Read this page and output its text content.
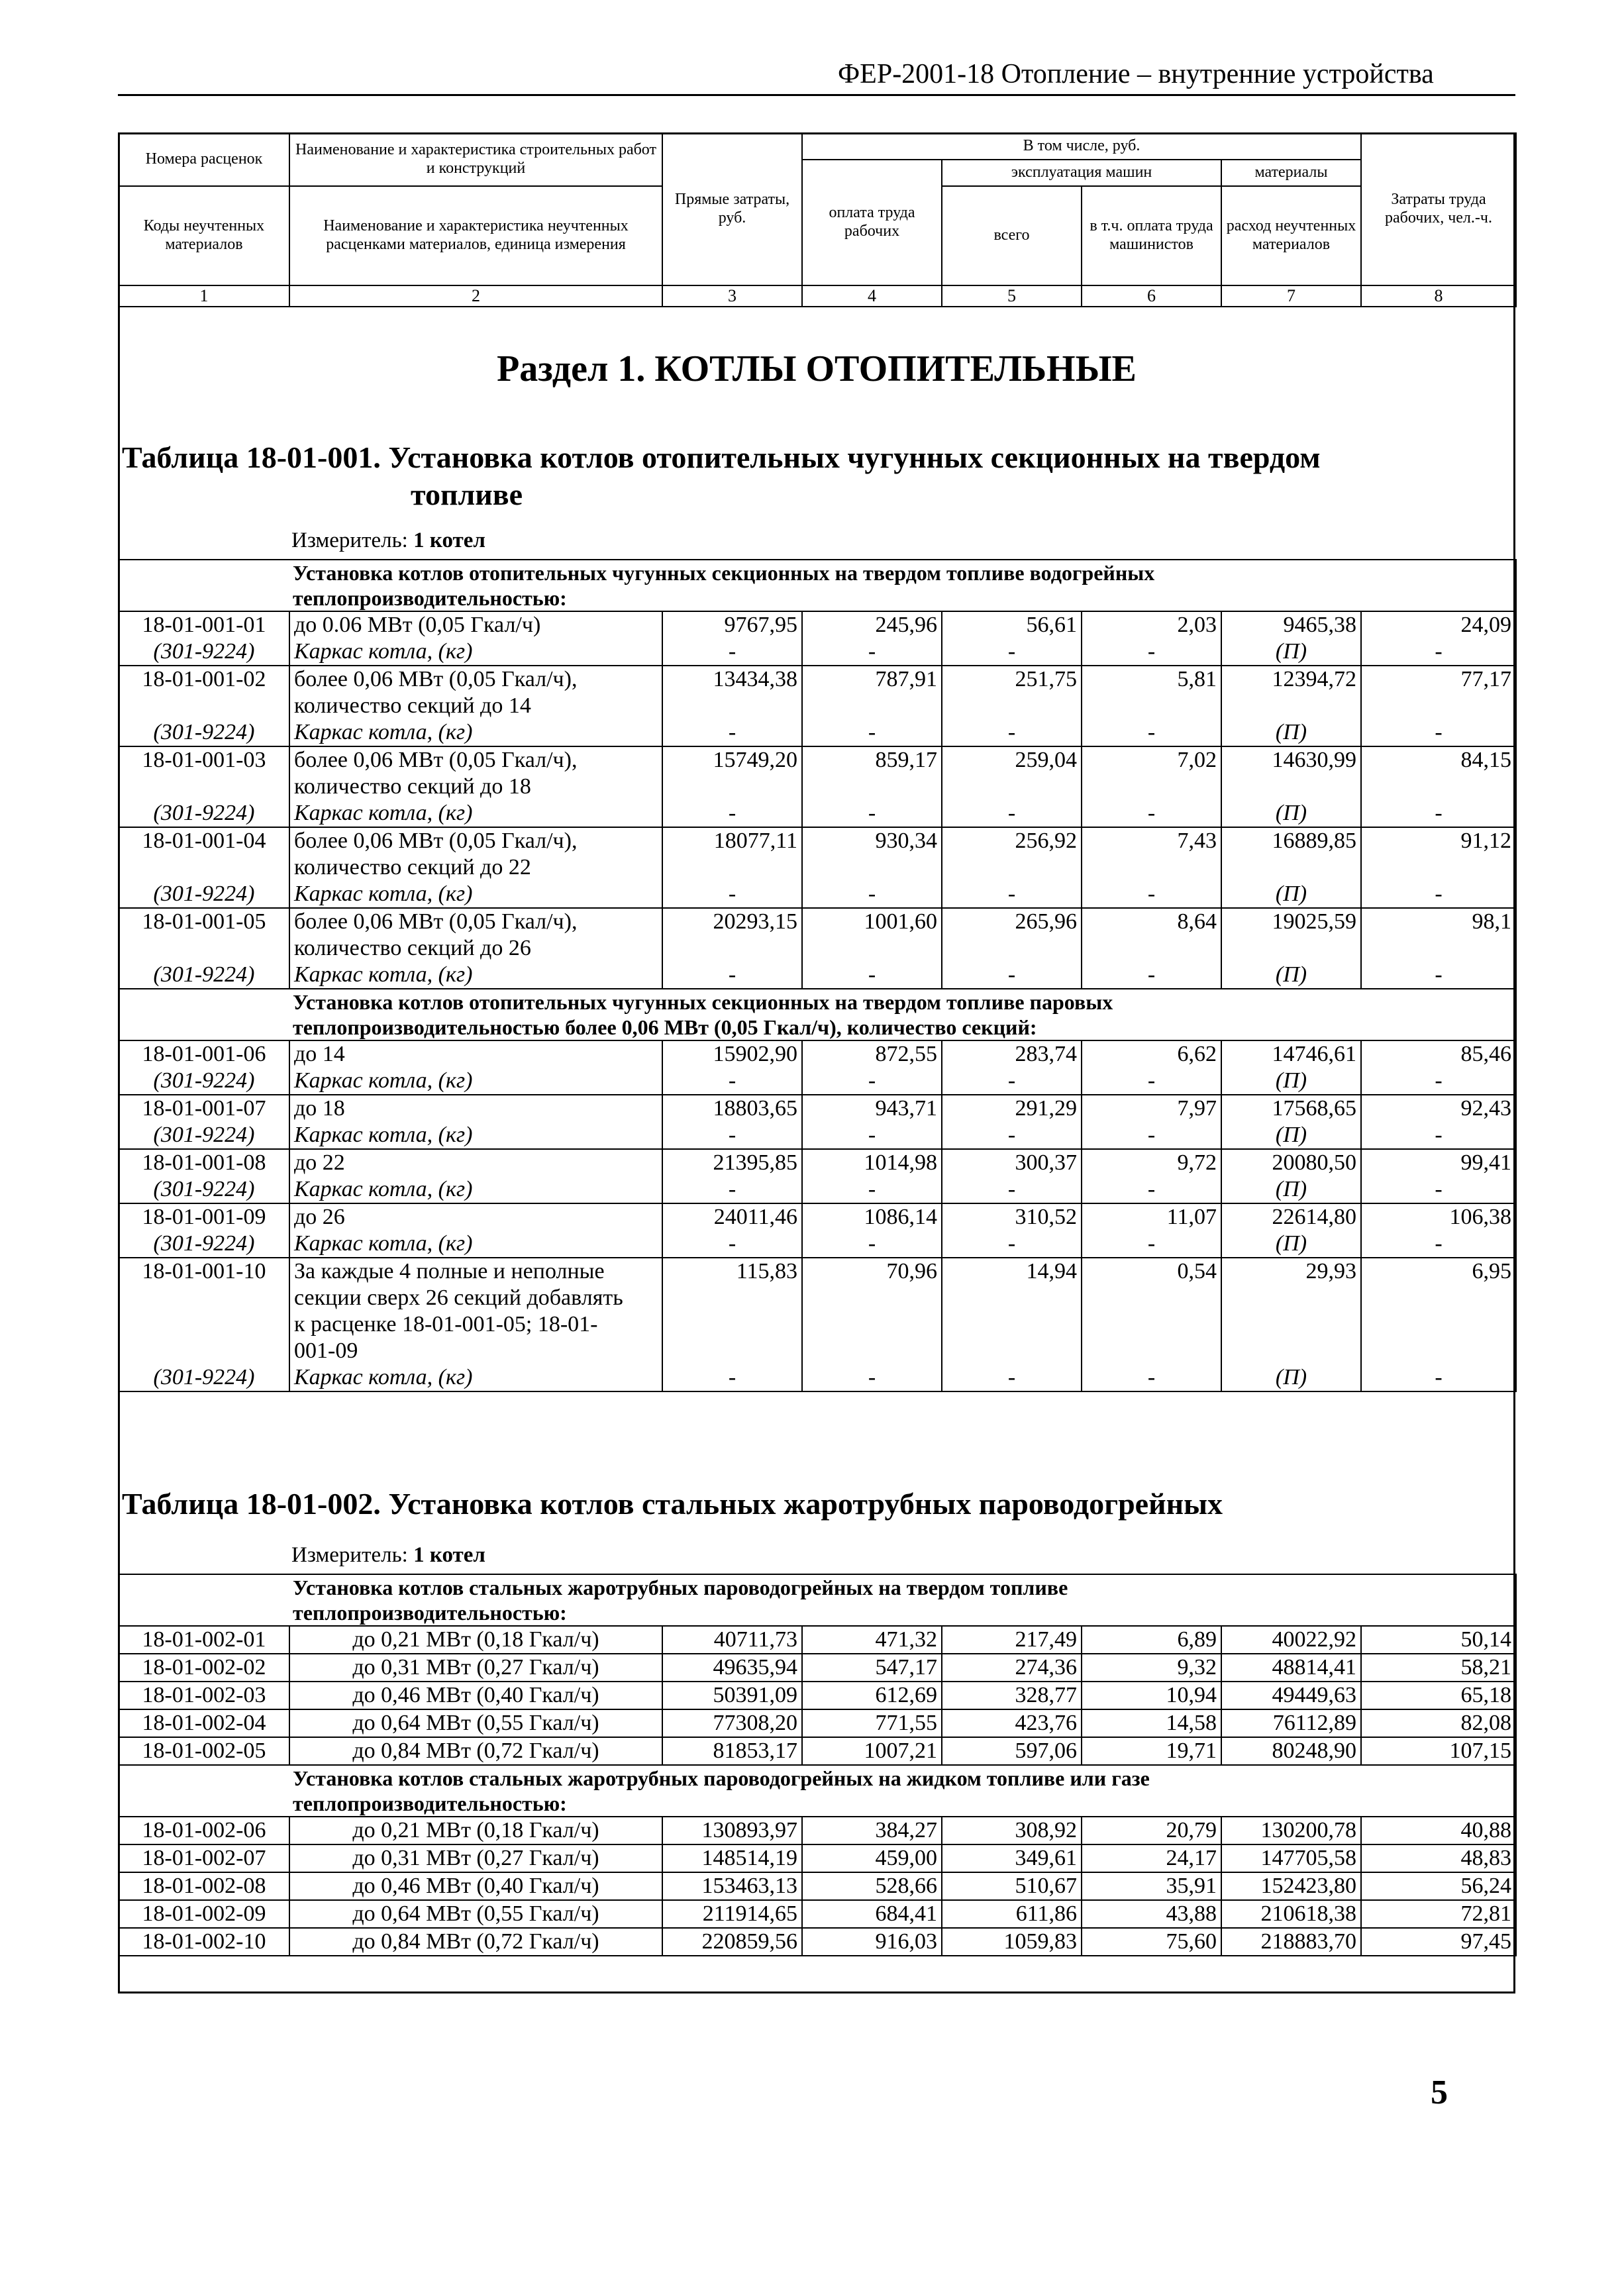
ФЕР-2001-18 Отопление – внутренние устройства
Номера расценок	Наименование и характеристика строительных работ и конструкций	Прямые затраты, руб.	В том числе, руб.				Затраты труда рабочих, чел.-ч.
			оплата труда рабочих	эксплуатация машин		материалы	
Коды неучтенных материалов	Наименование и характеристика неучтенных расценками материалов, единица измерения			всего	в т.ч. оплата труда машинистов	расход неучтенных материалов	

1	2	3	4	5	6	7	8
Раздел 1. КОТЛЫ ОТОПИТЕЛЬНЫЕ
Таблица 18-01-001. Установка котлов отопительных чугунных секционных на твердом
топливе
Измеритель: 1 котел
Установка котлов отопительных чугунных секционных на твердом топливе водогрейных
теплопроизводительностью:							

18-01-001-01	до 0.06 МВт (0,05 Гкал/ч)	9767,95	245,96	56,61	2,03	9465,38	24,09
(301-9224)	Каркас котла, (кг)	-	-	-	-	(П)	-
18-01-001-02	более 0,06 МВт (0,05 Гкал/ч),	13434,38	787,91	251,75	5,81	12394,72	77,17
	количество секций до 14						
(301-9224)	Каркас котла, (кг)	-	-	-	-	(П)	-
18-01-001-03	более 0,06 МВт (0,05 Гкал/ч),	15749,20	859,17	259,04	7,02	14630,99	84,15
	количество секций до 18						
(301-9224)	Каркас котла, (кг)	-	-	-	-	(П)	-
18-01-001-04	более 0,06 МВт (0,05 Гкал/ч),	18077,11	930,34	256,92	7,43	16889,85	91,12
	количество секций до 22						
(301-9224)	Каркас котла, (кг)	-	-	-	-	(П)	-
18-01-001-05	более 0,06 МВт (0,05 Гкал/ч),	20293,15	1001,60	265,96	8,64	19025,59	98,1
	количество секций до 26						
(301-9224)	Каркас котла, (кг)	-	-	-	-	(П)	-

Установка котлов отопительных чугунных секционных на твердом топливе паровых
теплопроизводительностью более 0,06 МВт (0,05 Гкал/ч), количество секций:							

18-01-001-06	до 14	15902,90	872,55	283,74	6,62	14746,61	85,46
(301-9224)	Каркас котла, (кг)	-	-	-	-	(П)	-
18-01-001-07	до 18	18803,65	943,71	291,29	7,97	17568,65	92,43
(301-9224)	Каркас котла, (кг)	-	-	-	-	(П)	-
18-01-001-08	до 22	21395,85	1014,98	300,37	9,72	20080,50	99,41
(301-9224)	Каркас котла, (кг)	-	-	-	-	(П)	-
18-01-001-09	до 26	24011,46	1086,14	310,52	11,07	22614,80	106,38
(301-9224)	Каркас котла, (кг)	-	-	-	-	(П)	-
18-01-001-10	За каждые 4 полные и неполные	115,83	70,96	14,94	0,54	29,93	6,95
	секции сверх 26 секций добавлять						
	к расценке 18-01-001-05; 18-01-						
	001-09						
(301-9224)	Каркас котла, (кг)	-	-	-	-	(П)	-
Таблица 18-01-002. Установка котлов стальных жаротрубных пароводогрейных
Измеритель: 1 котел
Установка котлов стальных жаротрубных пароводогрейных на твердом топливе
теплопроизводительностью:							

18-01-002-01	до 0,21 МВт (0,18 Гкал/ч)	40711,73	471,32	217,49	6,89	40022,92	50,14
18-01-002-02	до 0,31 МВт (0,27 Гкал/ч)	49635,94	547,17	274,36	9,32	48814,41	58,21
18-01-002-03	до 0,46 МВт (0,40 Гкал/ч)	50391,09	612,69	328,77	10,94	49449,63	65,18
18-01-002-04	до 0,64 МВт (0,55 Гкал/ч)	77308,20	771,55	423,76	14,58	76112,89	82,08
18-01-002-05	до 0,84 МВт (0,72 Гкал/ч)	81853,17	1007,21	597,06	19,71	80248,90	107,15

Установка котлов стальных жаротрубных пароводогрейных на жидком топливе или газе
теплопроизводительностью:							

18-01-002-06	до 0,21 МВт (0,18 Гкал/ч)	130893,97	384,27	308,92	20,79	130200,78	40,88
18-01-002-07	до 0,31 МВт (0,27 Гкал/ч)	148514,19	459,00	349,61	24,17	147705,58	48,83
18-01-002-08	до 0,46 МВт (0,40 Гкал/ч)	153463,13	528,66	510,67	35,91	152423,80	56,24
18-01-002-09	до 0,64 МВт (0,55 Гкал/ч)	211914,65	684,41	611,86	43,88	210618,38	72,81
18-01-002-10	до 0,84 МВт (0,72 Гкал/ч)	220859,56	916,03	1059,83	75,60	218883,70	97,45
5
